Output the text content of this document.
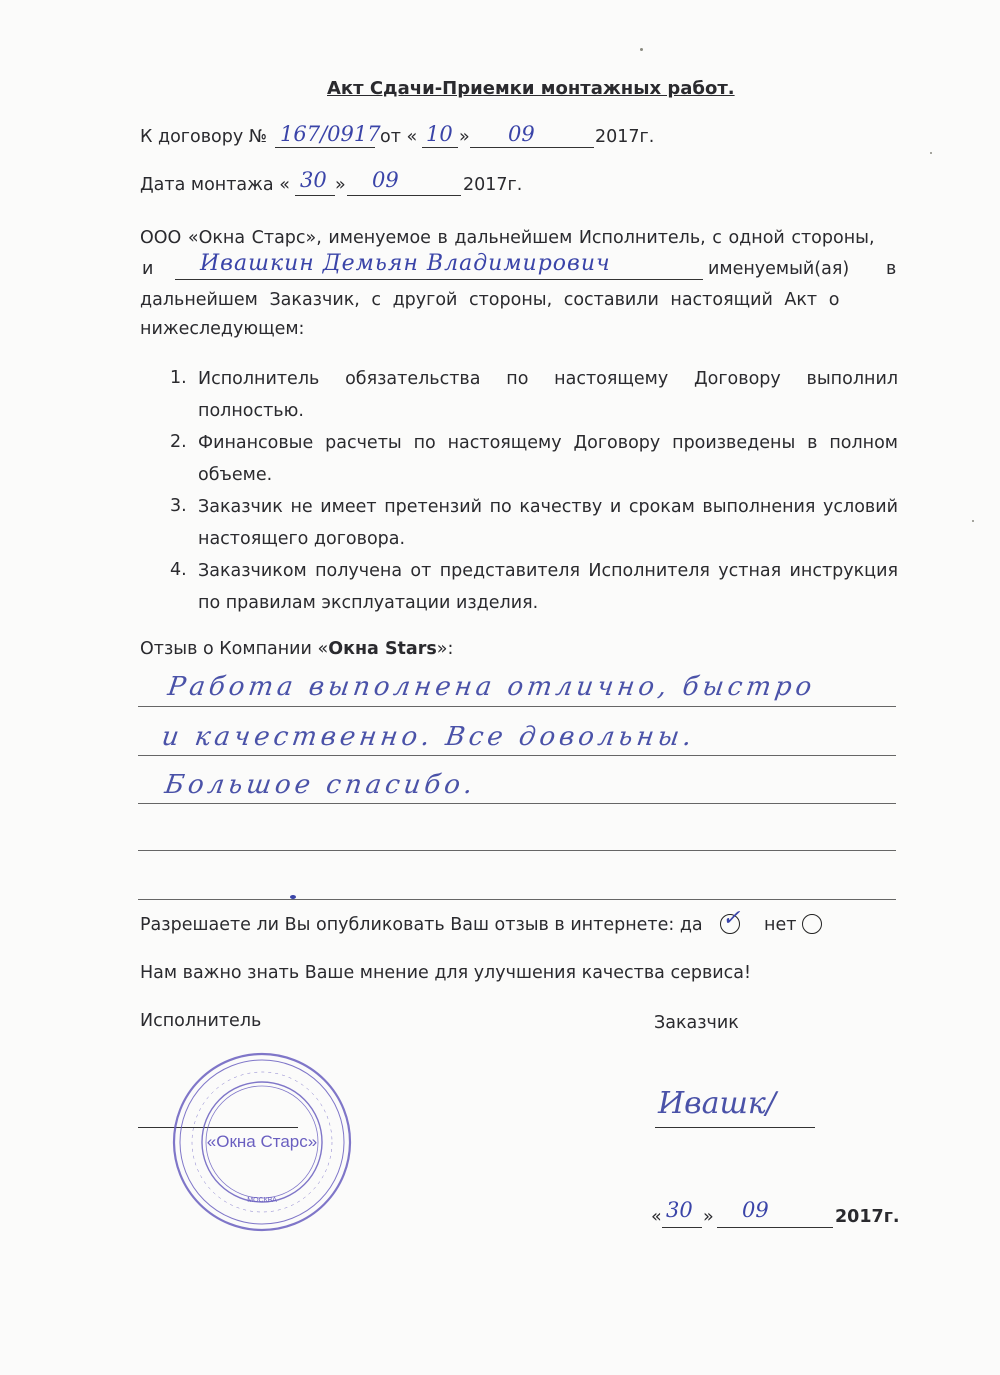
Акт Сдачи-Приемки монтажных работ.
К договору № 167/0917 от « 10 » 09	2017г.
Дата монтажа « 30 » 09	2017г.
ООО «Окна Старс», именуемое в дальнейшем Исполнитель, с одной стороны,
и Ивашкин Демьян Владимирович	именуемый(ая) в
дальнейшем Заказчик, с другой стороны, составили настоящий Акт о
нижеследующем:
1. Исполнитель обязательства по настоящему Договору выполнил полностью.
2. Финансовые расчеты по настоящему Договору произведены в полном объеме.
3. Заказчик не имеет претензий по качеству и срокам выполнения условий настоящего договора.
4. Заказчиком получена от представителя Исполнителя устная инструкция по правилам эксплуатации изделия.
Отзыв о Компании «Окна Stars»:
Работа выполнена отлично, быстро
и качественно. Все довольны.
Большое спасибо.
Разрешаете ли Вы опубликовать Ваш отзыв в интернете: да ✓ нет
Нам важно знать Ваше мнение для улучшения качества сервиса!
Исполнитель	Заказчик
«Окна Старс»
МОСКВА
Ивашк/
« 30 » 09	2017г.
